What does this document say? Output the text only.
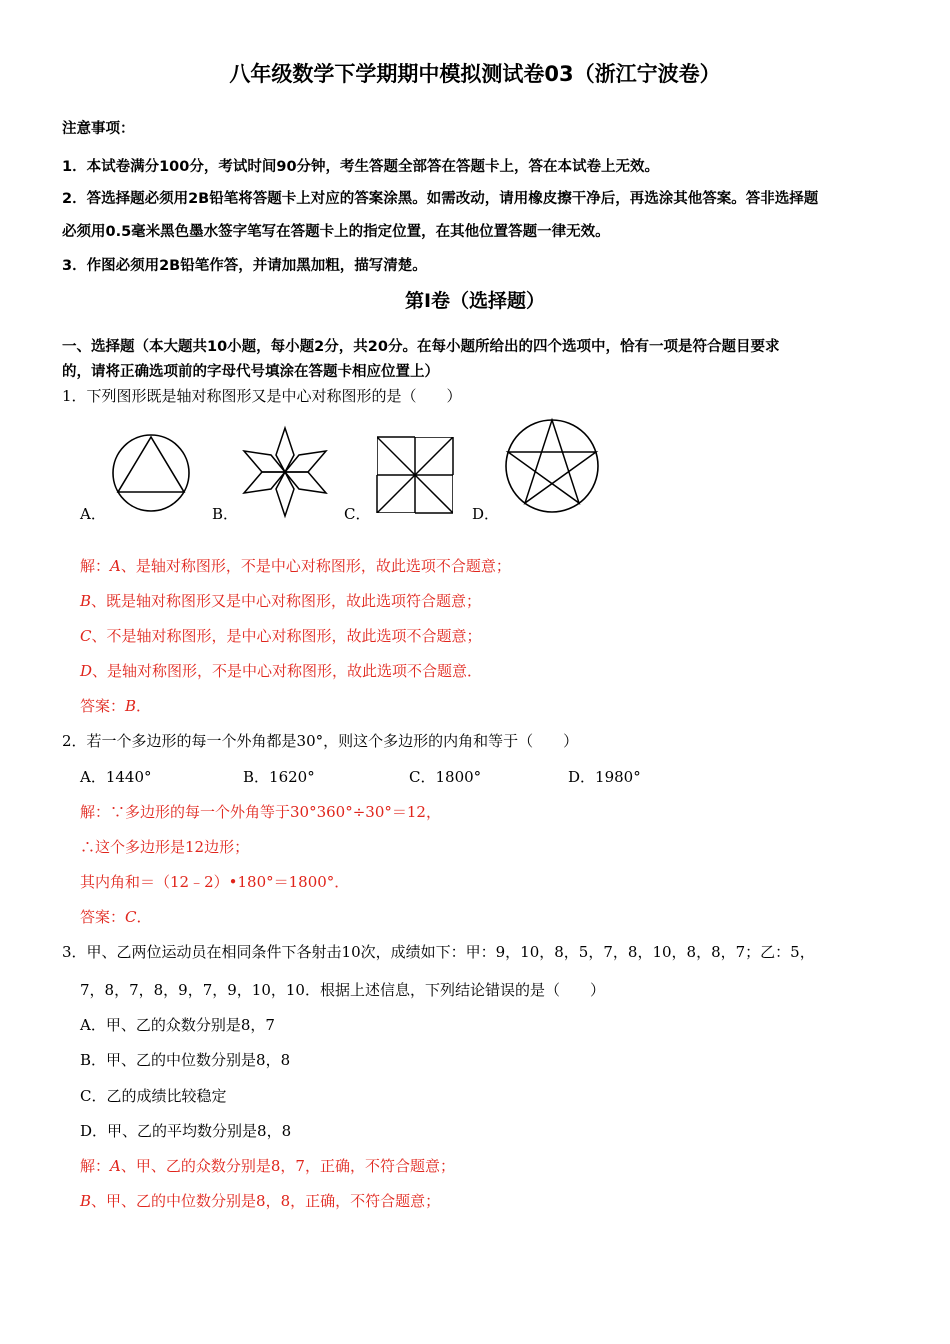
八年级数学下学期期中模拟测试卷03（浙江宁波卷）
注意事项：
1．本试卷满分100分，考试时间90分钟，考生答题全部答在答题卡上，答在本试卷上无效。
2．答选择题必须用2B铅笔将答题卡上对应的答案涂黑。如需改动，请用橡皮擦干净后，再选涂其他答案。答非选择题
必须用0.5毫米黑色墨水签字笔写在答题卡上的指定位置，在其他位置答题一律无效。
3．作图必须用2B铅笔作答，并请加黑加粗，描写清楚。
第Ⅰ卷（选择题）
一、选择题（本大题共10小题，每小题2分，共20分。在每小题所给出的四个选项中，恰有一项是符合题目要求
的，请将正确选项前的字母代号填涂在答题卡相应位置上）
1．下列图形既是轴对称图形又是中心对称图形的是（　　）
A．	B．	C．	D．
解：A、是轴对称图形，不是中心对称图形，故此选项不合题意；
B、既是轴对称图形又是中心对称图形，故此选项符合题意；
C、不是轴对称图形，是中心对称图形，故此选项不合题意；
D、是轴对称图形，不是中心对称图形，故此选项不合题意．
答案：B．
2．若一个多边形的每一个外角都是30°，则这个多边形的内角和等于（　　）
A．1440°	B．1620°	C．1800°	D．1980°
解：∵多边形的每一个外角等于30°360°÷30°＝12，
∴这个多边形是12边形；
其内角和＝（12﹣2）•180°＝1800°．
答案：C．
3．甲、乙两位运动员在相同条件下各射击10次，成绩如下：甲：9，10，8，5，7，8，10，8，8，7；乙：5，
7，8，7，8，9，7，9，10，10．根据上述信息，下列结论错误的是（　　）
A．甲、乙的众数分别是8，7
B．甲、乙的中位数分别是8，8
C．乙的成绩比较稳定
D．甲、乙的平均数分别是8，8
解：A、甲、乙的众数分别是8，7，正确，不符合题意；
B、甲、乙的中位数分别是8，8，正确，不符合题意；
